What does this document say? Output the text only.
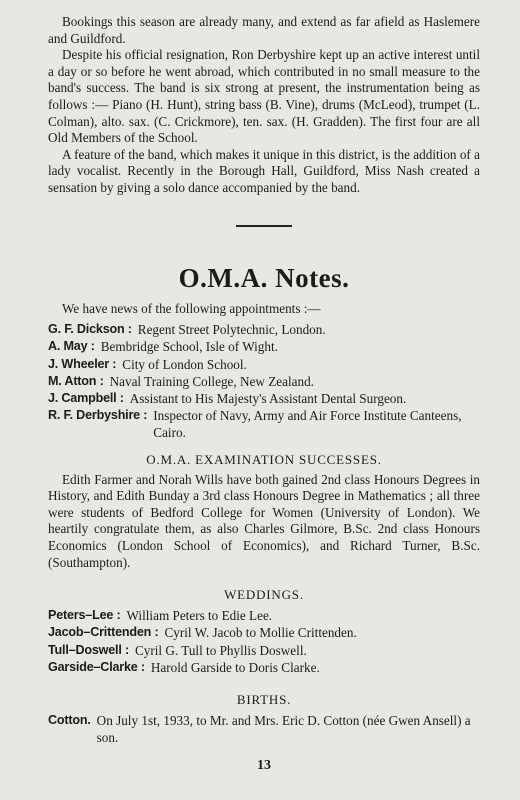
Bookings this season are already many, and extend as far afield as Haslemere and Guildford.

Despite his official resignation, Ron Derbyshire kept up an active interest until a day or so before he went abroad, which contributed in no small measure to the band's success. The band is six strong at present, the instrumentation being as follows :— Piano (H. Hunt), string bass (B. Vine), drums (McLeod), trumpet (L. Colman), alto. sax. (C. Crickmore), ten. sax. (H. Gradden). The first four are all Old Members of the School.

A feature of the band, which makes it unique in this district, is the addition of a lady vocalist. Recently in the Borough Hall, Guildford, Miss Nash created a sensation by giving a solo dance accompanied by the band.

O.M.A. Notes.

We have news of the following appointments :—

G. F. Dickson : Regent Street Polytechnic, London.
A. May : Bembridge School, Isle of Wight.
J. Wheeler : City of London School.
M. Atton : Naval Training College, New Zealand.
J. Campbell : Assistant to His Majesty's Assistant Dental Surgeon.
R. F. Derbyshire : Inspector of Navy, Army and Air Force Institute Canteens, Cairo.
O.M.A. EXAMINATION SUCCESSES.

Edith Farmer and Norah Wills have both gained 2nd class Honours Degrees in History, and Edith Bunday a 3rd class Honours Degree in Mathematics ; all three were students of Bedford College for Women (University of London). We heartily congratulate them, as also Charles Gilmore, B.Sc. 2nd class Honours Economics (London School of Economics), and Richard Turner, B.Sc. (Southampton).

WEDDINGS.
Peters–Lee : William Peters to Edie Lee.
Jacob–Crittenden : Cyril W. Jacob to Mollie Crittenden.
Tull–Doswell : Cyril G. Tull to Phyllis Doswell.
Garside–Clarke : Harold Garside to Doris Clarke.
BIRTHS.
Cotton. On July 1st, 1933, to Mr. and Mrs. Eric D. Cotton (née Gwen Ansell) a son.
13
